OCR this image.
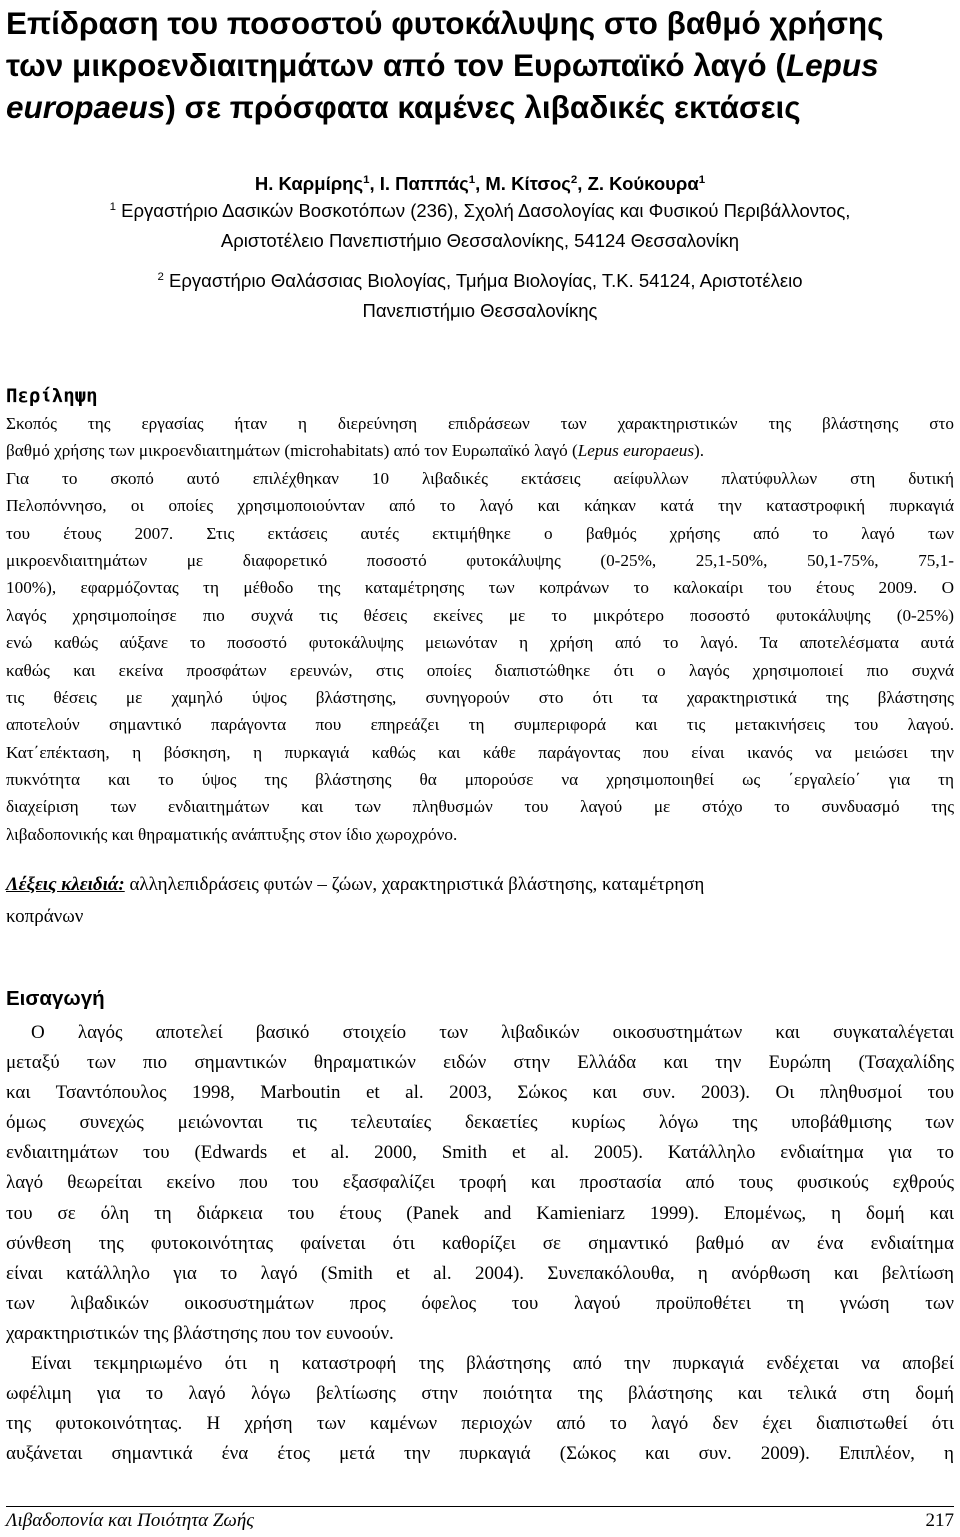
Επίδραση του ποσοστού φυτοκάλυψης στο βαθμό χρήσης
των μικροενδιαιτημάτων από τον Ευρωπαϊκό λαγό (Lepus
europaeus) σε πρόσφατα καμένες λιβαδικές εκτάσεις

Η. Καρμίρης$^1$, Ι. Παππάς$^1$, Μ. Κίτσος$^2$, Ζ. Κούκουρα$^1$

$^1$ Εργαστήριο Δασικών Βοσκοτόπων (236), Σχολή Δασολογίας και Φυσικού Περιβάλλοντος,
Αριστοτέλειο Πανεπιστήμιο Θεσσαλονίκης, 54124 Θεσσαλονίκη

$^2$ Εργαστήριο Θαλάσσιας Βιολογίας, Τμήμα Βιολογίας, Τ.Κ. 54124, Αριστοτέλειο
Πανεπιστήμιο Θεσσαλονίκης

Περίληψη
Σκοπός της εργασίας ήταν η διερεύνηση επιδράσεων των χαρακτηριστικών της βλάστησης στο
βαθμό χρήσης των μικροενδιαιτημάτων (microhabitats) από τον Ευρωπαϊκό λαγό (Lepus europaeus).
Για το σκοπό αυτό επιλέχθηκαν 10 λιβαδικές εκτάσεις αείφυλλων πλατύφυλλων στη δυτική
Πελοπόννησο, οι οποίες χρησιμοποιούνταν από το λαγό και κάηκαν κατά την καταστροφική πυρκαγιά
του έτους 2007. Στις εκτάσεις αυτές εκτιμήθηκε ο βαθμός χρήσης από το λαγό των
μικροενδιαιτημάτων με διαφορετικό ποσοστό φυτοκάλυψης (0-25%, 25,1-50%, 50,1-75%, 75,1-
100%), εφαρμόζοντας τη μέθοδο της καταμέτρησης των κοπράνων το καλοκαίρι του έτους 2009. Ο
λαγός χρησιμοποίησε πιο συχνά τις θέσεις εκείνες με το μικρότερο ποσοστό φυτοκάλυψης (0-25%)
ενώ καθώς αύξανε το ποσοστό φυτοκάλυψης μειωνόταν η χρήση από το λαγό. Τα αποτελέσματα αυτά
καθώς και εκείνα προσφάτων ερευνών, στις οποίες διαπιστώθηκε ότι ο λαγός χρησιμοποιεί πιο συχνά
τις θέσεις με χαμηλό ύψος βλάστησης, συνηγορούν στο ότι τα χαρακτηριστικά της βλάστησης
αποτελούν σημαντικό παράγοντα που επηρεάζει τη συμπεριφορά και τις μετακινήσεις του λαγού.
Κατ΄επέκταση, η βόσκηση, η πυρκαγιά καθώς και κάθε παράγοντας που είναι ικανός να μειώσει την
πυκνότητα και το ύψος της βλάστησης θα μπορούσε να χρησιμοποιηθεί ως ΄εργαλείο΄ για τη
διαχείριση των ενδιαιτημάτων και των πληθυσμών του λαγού με στόχο το συνδυασμό της
λιβαδοπονικής και θηραματικής ανάπτυξης στον ίδιο χωροχρόνο.
Λέξεις κλειδιά: αλληλεπιδράσεις φυτών – ζώων, χαρακτηριστικά βλάστησης, καταμέτρηση
κοπράνων
Εισαγωγή
Ο λαγός αποτελεί βασικό στοιχείο των λιβαδικών οικοσυστημάτων και συγκαταλέγεται
μεταξύ των πιο σημαντικών θηραματικών ειδών στην Ελλάδα και την Ευρώπη (Τσαχαλίδης
και Τσαντόπουλος 1998, Marboutin et al. 2003, Σώκος και συν. 2003). Οι πληθυσμοί του
όμως συνεχώς μειώνονται τις τελευταίες δεκαετίες κυρίως λόγω της υποβάθμισης των
ενδιαιτημάτων του (Edwards et al. 2000, Smith et al. 2005). Κατάλληλο ενδιαίτημα για το
λαγό θεωρείται εκείνο που του εξασφαλίζει τροφή και προστασία από τους φυσικούς εχθρούς
του σε όλη τη διάρκεια του έτους (Panek and Kamieniarz 1999). Επομένως, η δομή και
σύνθεση της φυτοκοινότητας φαίνεται ότι καθορίζει σε σημαντικό βαθμό αν ένα ενδιαίτημα
είναι κατάλληλο για το λαγό (Smith et al. 2004). Συνεπακόλουθα, η ανόρθωση και βελτίωση
των λιβαδικών οικοσυστημάτων προς όφελος του λαγού προϋποθέτει τη γνώση των
χαρακτηριστικών της βλάστησης που τον ευνοούν.
Είναι τεκμηριωμένο ότι η καταστροφή της βλάστησης από την πυρκαγιά ενδέχεται να αποβεί
ωφέλιμη για το λαγό λόγω βελτίωσης στην ποιότητα της βλάστησης και τελικά στη δομή
της φυτοκοινότητας. Η χρήση των καμένων περιοχών από το λαγό δεν έχει διαπιστωθεί ότι
αυξάνεται σημαντικά ένα έτος μετά την πυρκαγιά (Σώκος και συν. 2009). Επιπλέον, η

Λιβαδοπονία και Ποιότητα Ζωής	217
